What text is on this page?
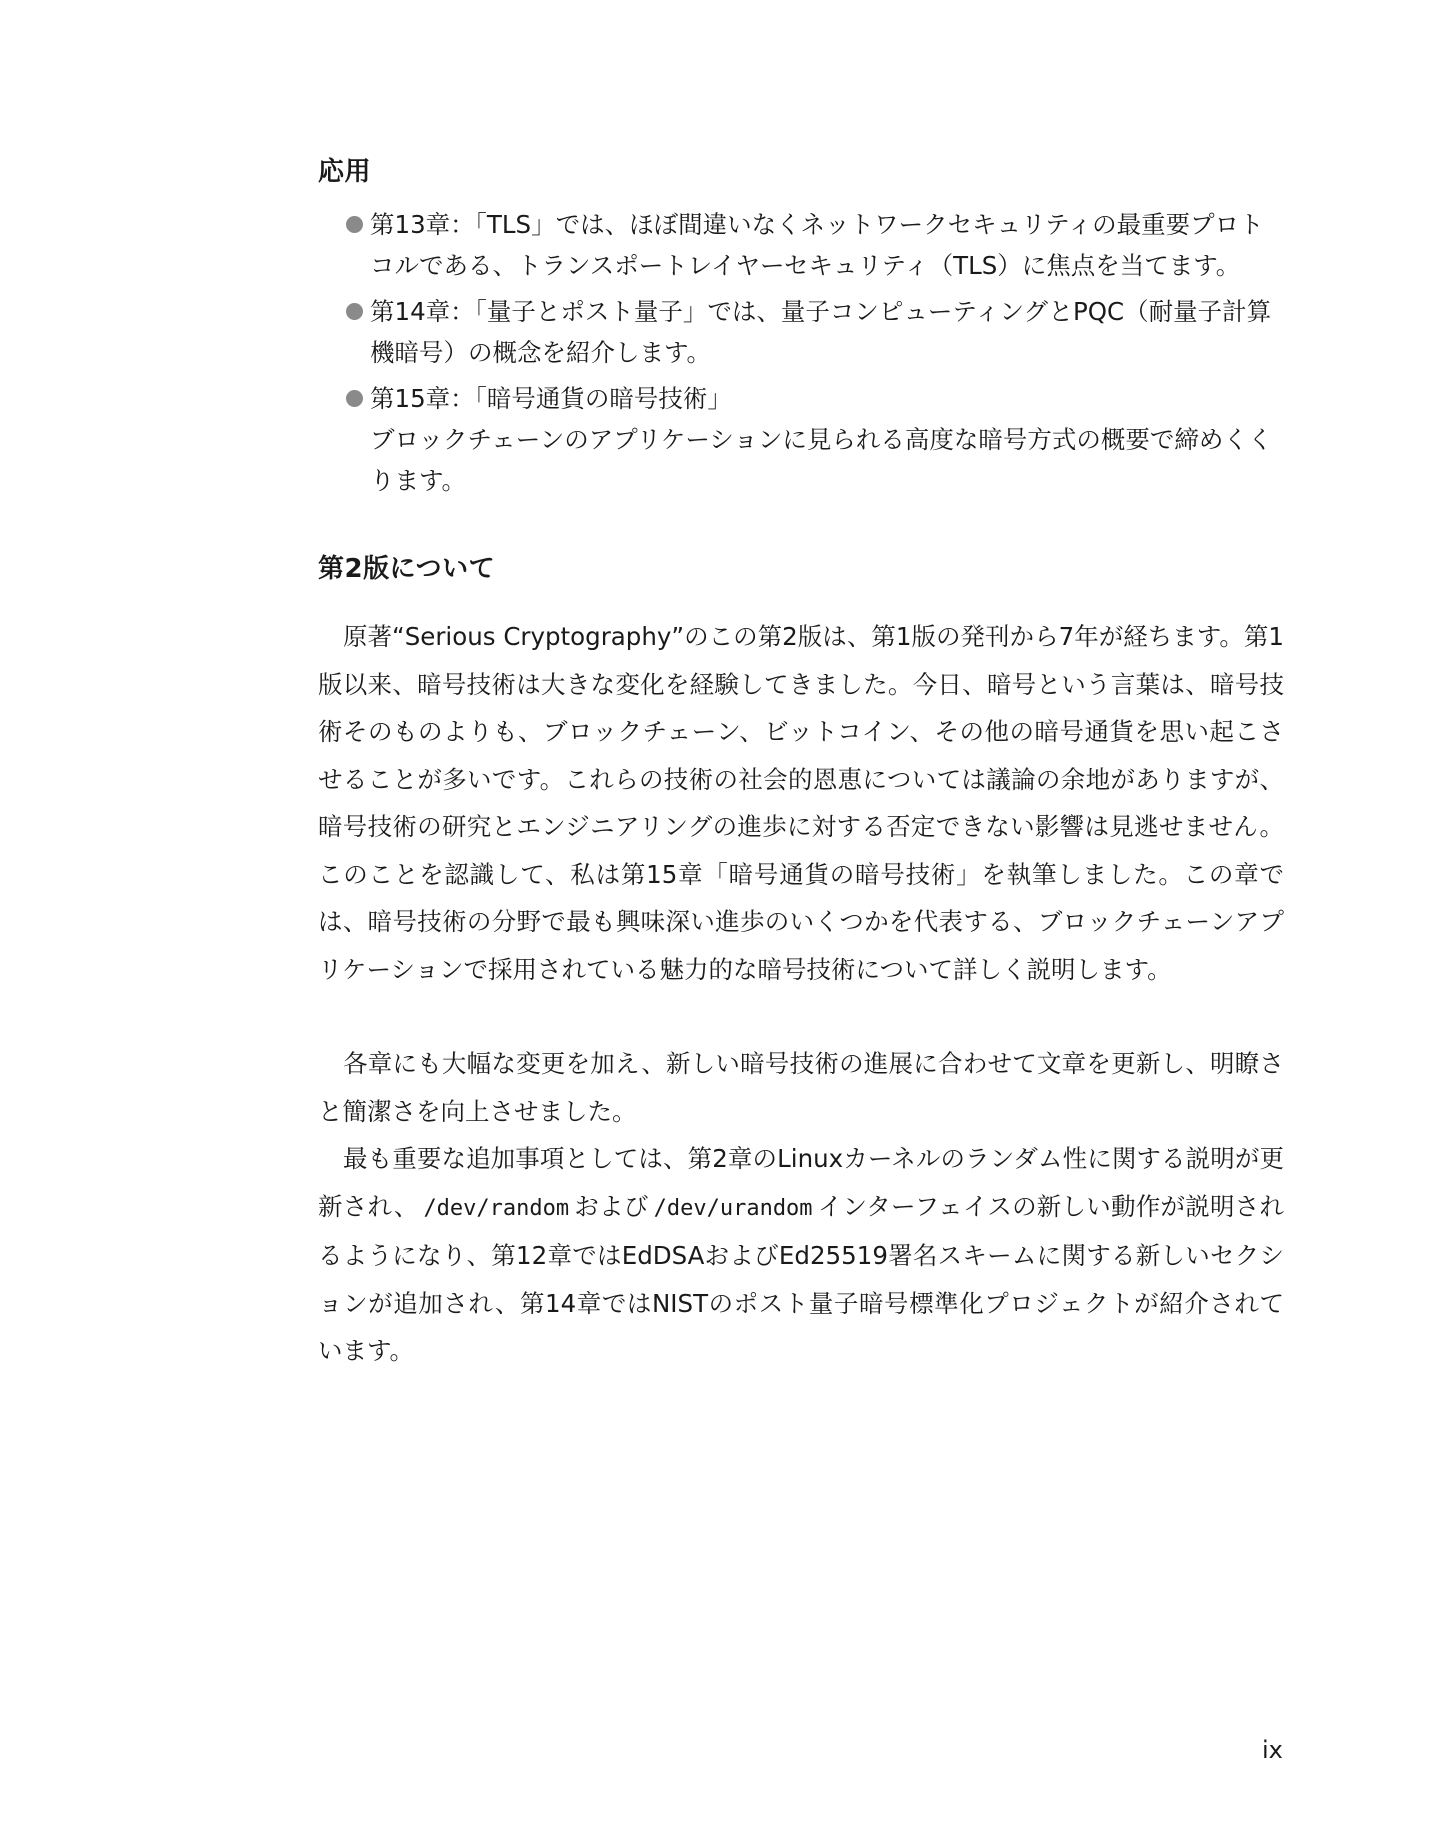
応用
第13章：「TLS」では、ほぼ間違いなくネットワークセキュリティの最重要プロトコルである、トランスポートレイヤーセキュリティ（TLS）に焦点を当てます。
第14章：「量子とポスト量子」では、量子コンピューティングとPQC（耐量子計算機暗号）の概念を紹介します。
第15章：「暗号通貨の暗号技術」
ブロックチェーンのアプリケーションに見られる高度な暗号方式の概要で締めくくります。
第2版について

原著“Serious Cryptography”のこの第2版は、第1版の発刊から7年が経ちます。第1版以来、暗号技術は大きな変化を経験してきました。今日、暗号という言葉は、暗号技術そのものよりも、ブロックチェーン、ビットコイン、その他の暗号通貨を思い起こさせることが多いです。これらの技術の社会的恩恵については議論の余地がありますが、暗号技術の研究とエンジニアリングの進歩に対する否定できない影響は見逃せません。このことを認識して、私は第15章「暗号通貨の暗号技術」を執筆しました。この章では、暗号技術の分野で最も興味深い進歩のいくつかを代表する、ブロックチェーンアプリケーションで採用されている魅力的な暗号技術について詳しく説明します。

各章にも大幅な変更を加え、新しい暗号技術の進展に合わせて文章を更新し、明瞭さと簡潔さを向上させました。

最も重要な追加事項としては、第2章のLinuxカーネルのランダム性に関する説明が更新され、 /dev/random および /dev/urandom インターフェイスの新しい動作が説明されるようになり、第12章ではEdDSAおよびEd25519署名スキームに関する新しいセクションが追加され、第14章ではNISTのポスト量子暗号標準化プロジェクトが紹介されています。

ix
